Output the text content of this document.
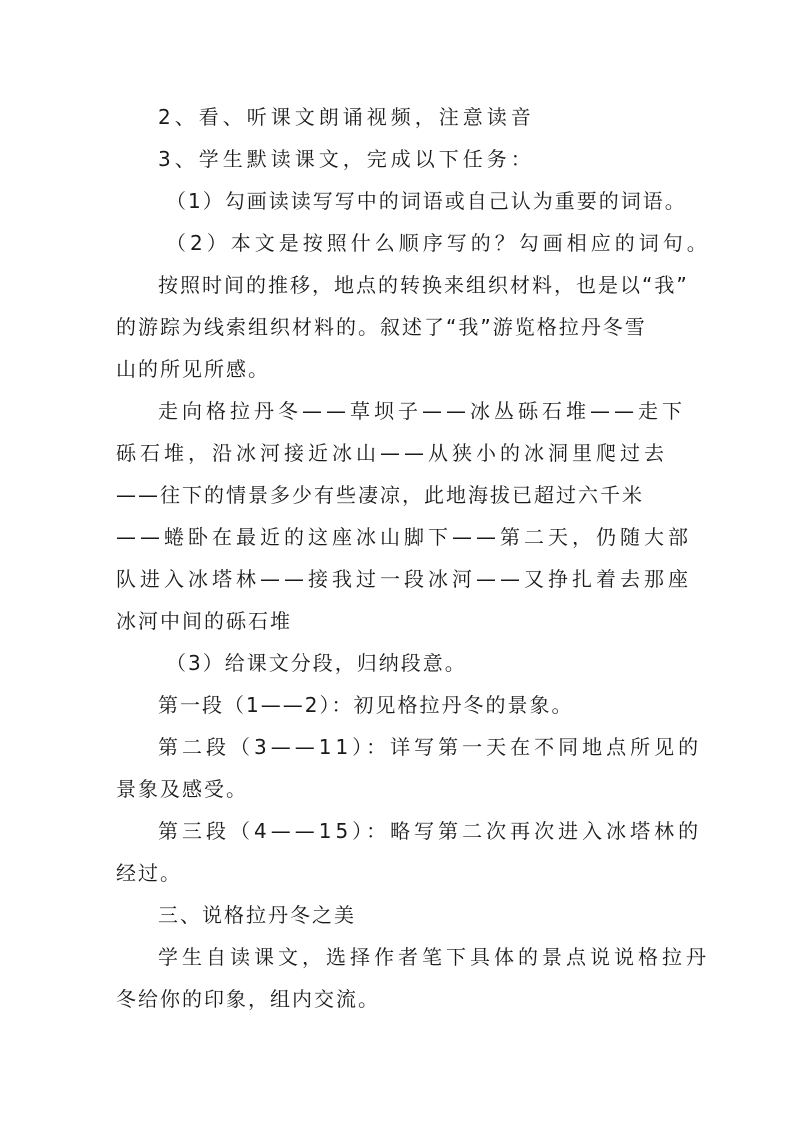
2、看、听课文朗诵视频，注意读音
3、学生默读课文，完成以下任务：
（1）勾画读读写写中的词语或自己认为重要的词语。
（2）本文是按照什么顺序写的？勾画相应的词句。
按照时间的推移，地点的转换来组织材料，也是以“我”
的游踪为线索组织材料的。叙述了“我”游览格拉丹冬雪
山的所见所感。
走向格拉丹冬——草坝子——冰丛砾石堆——走下
砾石堆，沿冰河接近冰山——从狭小的冰洞里爬过去
——往下的情景多少有些凄凉，此地海拔已超过六千米
——蜷卧在最近的这座冰山脚下——第二天，仍随大部
队进入冰塔林——接我过一段冰河——又挣扎着去那座
冰河中间的砾石堆
（3）给课文分段，归纳段意。
第一段（1——2）：初见格拉丹冬的景象。
第二段（3——11）：详写第一天在不同地点所见的
景象及感受。
第三段（4——15）：略写第二次再次进入冰塔林的
经过。
三、说格拉丹冬之美
学生自读课文，选择作者笔下具体的景点说说格拉丹
冬给你的印象，组内交流。
